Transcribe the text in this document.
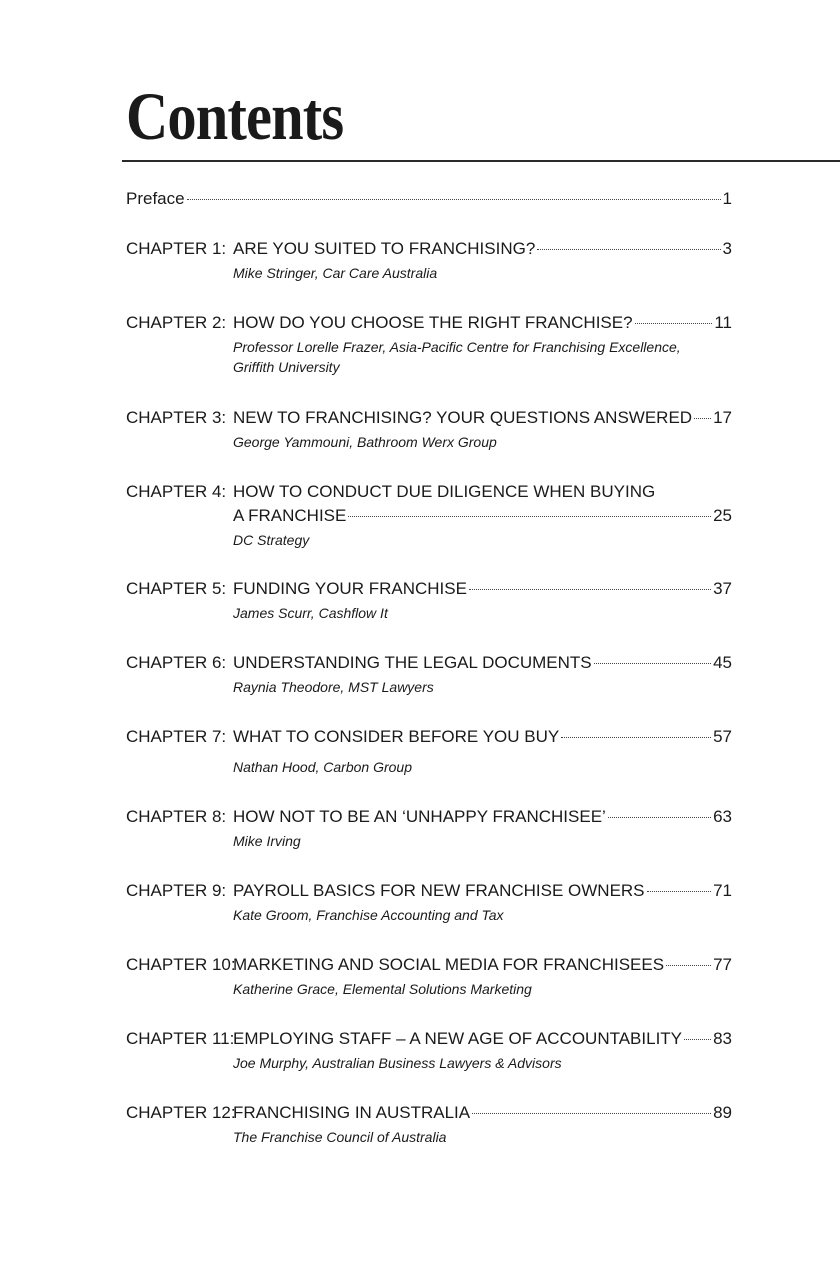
Contents
Preface	1
CHAPTER 1: ARE YOU SUITED TO FRANCHISING?	3
Mike Stringer, Car Care Australia
CHAPTER 2: HOW DO YOU CHOOSE THE RIGHT FRANCHISE?	11
Professor Lorelle Frazer, Asia-Pacific Centre for Franchising Excellence,
Griffith University
CHAPTER 3: NEW TO FRANCHISING? YOUR QUESTIONS ANSWERED 17
George Yammouni, Bathroom Werx Group
CHAPTER 4: HOW TO CONDUCT DUE DILIGENCE WHEN BUYING
A FRANCHISE	25
DC Strategy
CHAPTER 5: FUNDING YOUR FRANCHISE	37
James Scurr, Cashflow It
CHAPTER 6: UNDERSTANDING THE LEGAL DOCUMENTS	45
Raynia Theodore, MST Lawyers
CHAPTER 7: WHAT TO CONSIDER BEFORE YOU BUY	57
Nathan Hood, Carbon Group
CHAPTER 8: HOW NOT TO BE AN ‘UNHAPPY FRANCHISEE’	63
Mike Irving
CHAPTER 9: PAYROLL BASICS FOR NEW FRANCHISE OWNERS	71
Kate Groom, Franchise Accounting and Tax
CHAPTER 10:
MARKETING AND SOCIAL MEDIA FOR FRANCHISEES	77
Katherine Grace, Elemental Solutions Marketing
CHAPTER 11:
EMPLOYING STAFF – A NEW AGE OF ACCOUNTABILITY 83
Joe Murphy, Australian Business Lawyers & Advisors
CHAPTER 12:
FRANCHISING IN AUSTRALIA	89
The Franchise Council of Australia
